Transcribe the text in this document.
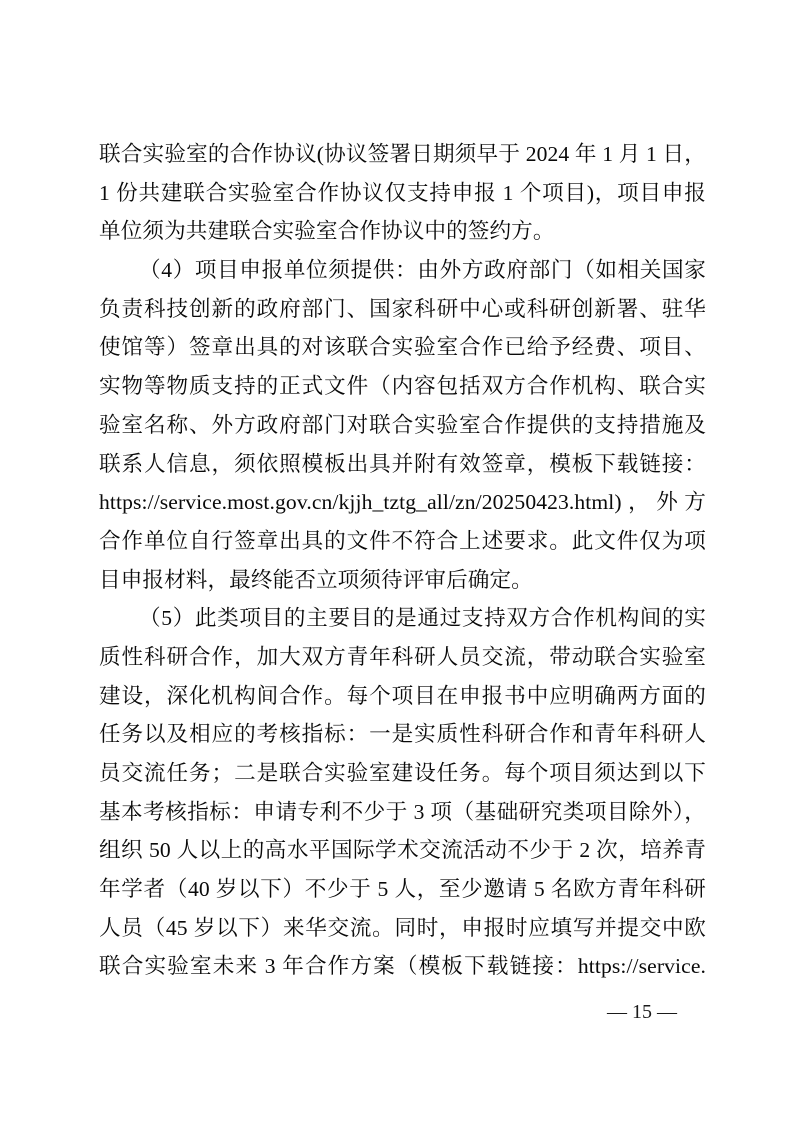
联合实验室的合作协议(协议签署日期须早于 2024 年 1 月 1 日，
1 份共建联合实验室合作协议仅支持申报 1 个项目)，项目申报
单位须为共建联合实验室合作协议中的签约方。
（4）项目申报单位须提供：由外方政府部门（如相关国家
负责科技创新的政府部门、国家科研中心或科研创新署、驻华
使馆等）签章出具的对该联合实验室合作已给予经费、项目、
实物等物质支持的正式文件（内容包括双方合作机构、联合实
验室名称、外方政府部门对联合实验室合作提供的支持措施及
联系人信息，须依照模板出具并附有效签章，模板下载链接：
https://service.most.gov.cn/kjjh_tztg_all/zn/20250423.html)，外方
合作单位自行签章出具的文件不符合上述要求。此文件仅为项
目申报材料，最终能否立项须待评审后确定。
（5）此类项目的主要目的是通过支持双方合作机构间的实
质性科研合作，加大双方青年科研人员交流，带动联合实验室
建设，深化机构间合作。每个项目在申报书中应明确两方面的
任务以及相应的考核指标：一是实质性科研合作和青年科研人
员交流任务；二是联合实验室建设任务。每个项目须达到以下
基本考核指标：申请专利不少于 3 项（基础研究类项目除外），
组织 50 人以上的高水平国际学术交流活动不少于 2 次，培养青
年学者（40 岁以下）不少于 5 人，至少邀请 5 名欧方青年科研
人员（45 岁以下）来华交流。同时，申报时应填写并提交中欧
联合实验室未来 3 年合作方案（模板下载链接：https://service.
— 15 —
